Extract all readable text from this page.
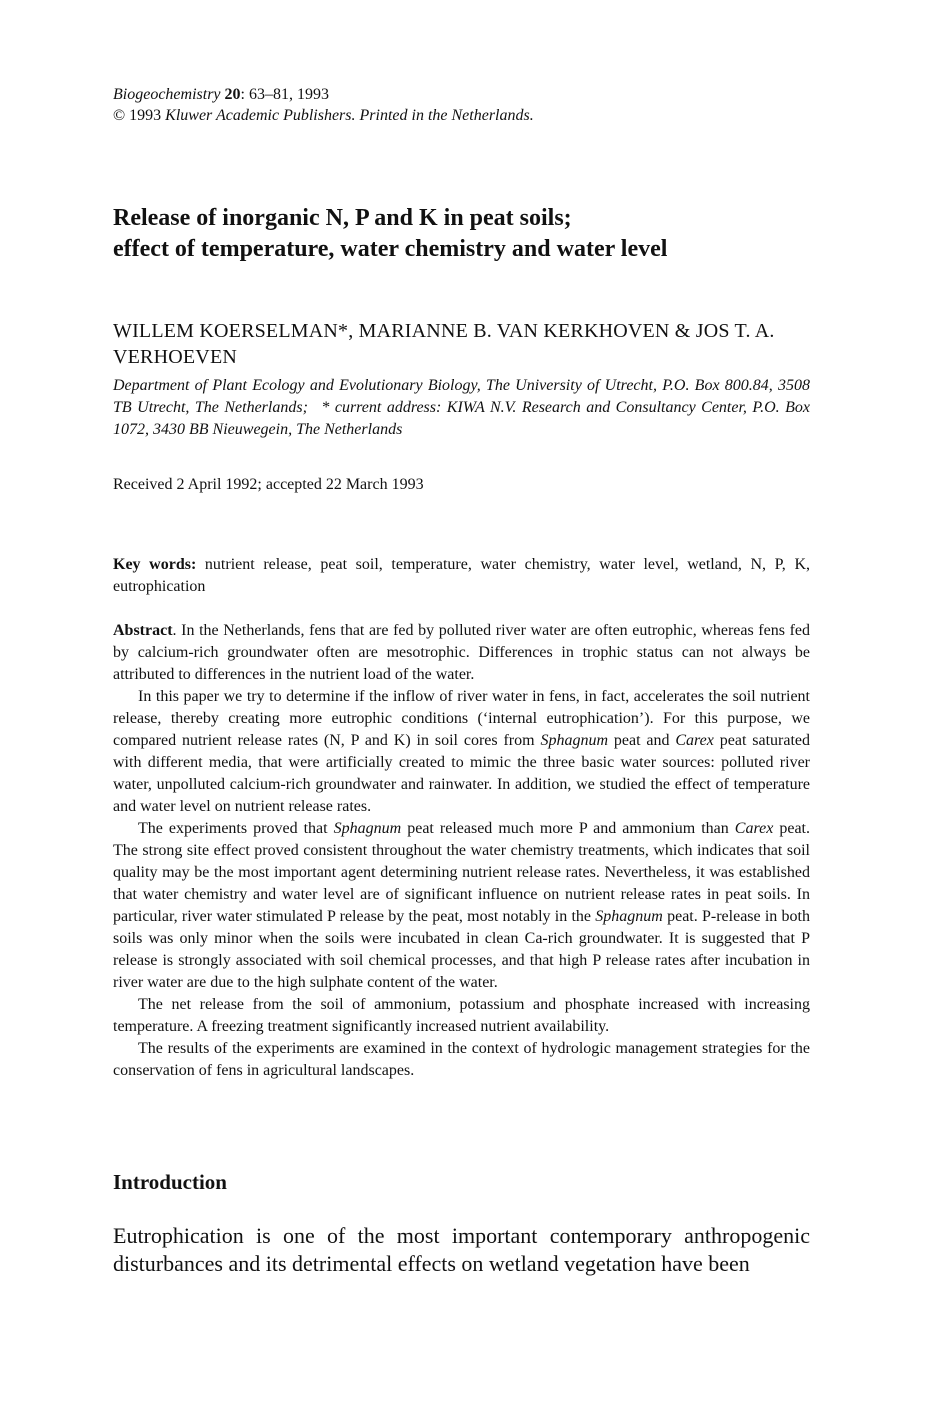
Biogeochemistry 20: 63–81, 1993
© 1993 Kluwer Academic Publishers. Printed in the Netherlands.
Release of inorganic N, P and K in peat soils;
effect of temperature, water chemistry and water level
WILLEM KOERSELMAN*, MARIANNE B. VAN KERKHOVEN & JOS T. A. VERHOEVEN
Department of Plant Ecology and Evolutionary Biology, The University of Utrecht, P.O. Box 800.84, 3508 TB Utrecht, The Netherlands; * current address: KIWA N.V. Research and Consultancy Center, P.O. Box 1072, 3430 BB Nieuwegein, The Netherlands
Received 2 April 1992; accepted 22 March 1993
Key words: nutrient release, peat soil, temperature, water chemistry, water level, wetland, N, P, K, eutrophication

Abstract. In the Netherlands, fens that are fed by polluted river water are often eutrophic, whereas fens fed by calcium-rich groundwater often are mesotrophic. Differences in trophic status can not always be attributed to differences in the nutrient load of the water.

In this paper we try to determine if the inflow of river water in fens, in fact, accelerates the soil nutrient release, thereby creating more eutrophic conditions (‘internal eutrophication’). For this purpose, we compared nutrient release rates (N, P and K) in soil cores from Sphagnum peat and Carex peat saturated with different media, that were artificially created to mimic the three basic water sources: polluted river water, unpolluted calcium-rich groundwater and rainwater. In addition, we studied the effect of temperature and water level on nutrient release rates.

The experiments proved that Sphagnum peat released much more P and ammonium than Carex peat. The strong site effect proved consistent throughout the water chemistry treatments, which indicates that soil quality may be the most important agent determining nutrient release rates. Nevertheless, it was established that water chemistry and water level are of significant influence on nutrient release rates in peat soils. In particular, river water stimulated P release by the peat, most notably in the Sphagnum peat. P-release in both soils was only minor when the soils were incubated in clean Ca-rich groundwater. It is suggested that P release is strongly associated with soil chemical processes, and that high P release rates after incubation in river water are due to the high sulphate content of the water.

The net release from the soil of ammonium, potassium and phosphate increased with increasing temperature. A freezing treatment significantly increased nutrient availability.

The results of the experiments are examined in the context of hydrologic management strategies for the conservation of fens in agricultural landscapes.

Introduction

Eutrophication is one of the most important contemporary anthropogenic disturbances and its detrimental effects on wetland vegetation have been
